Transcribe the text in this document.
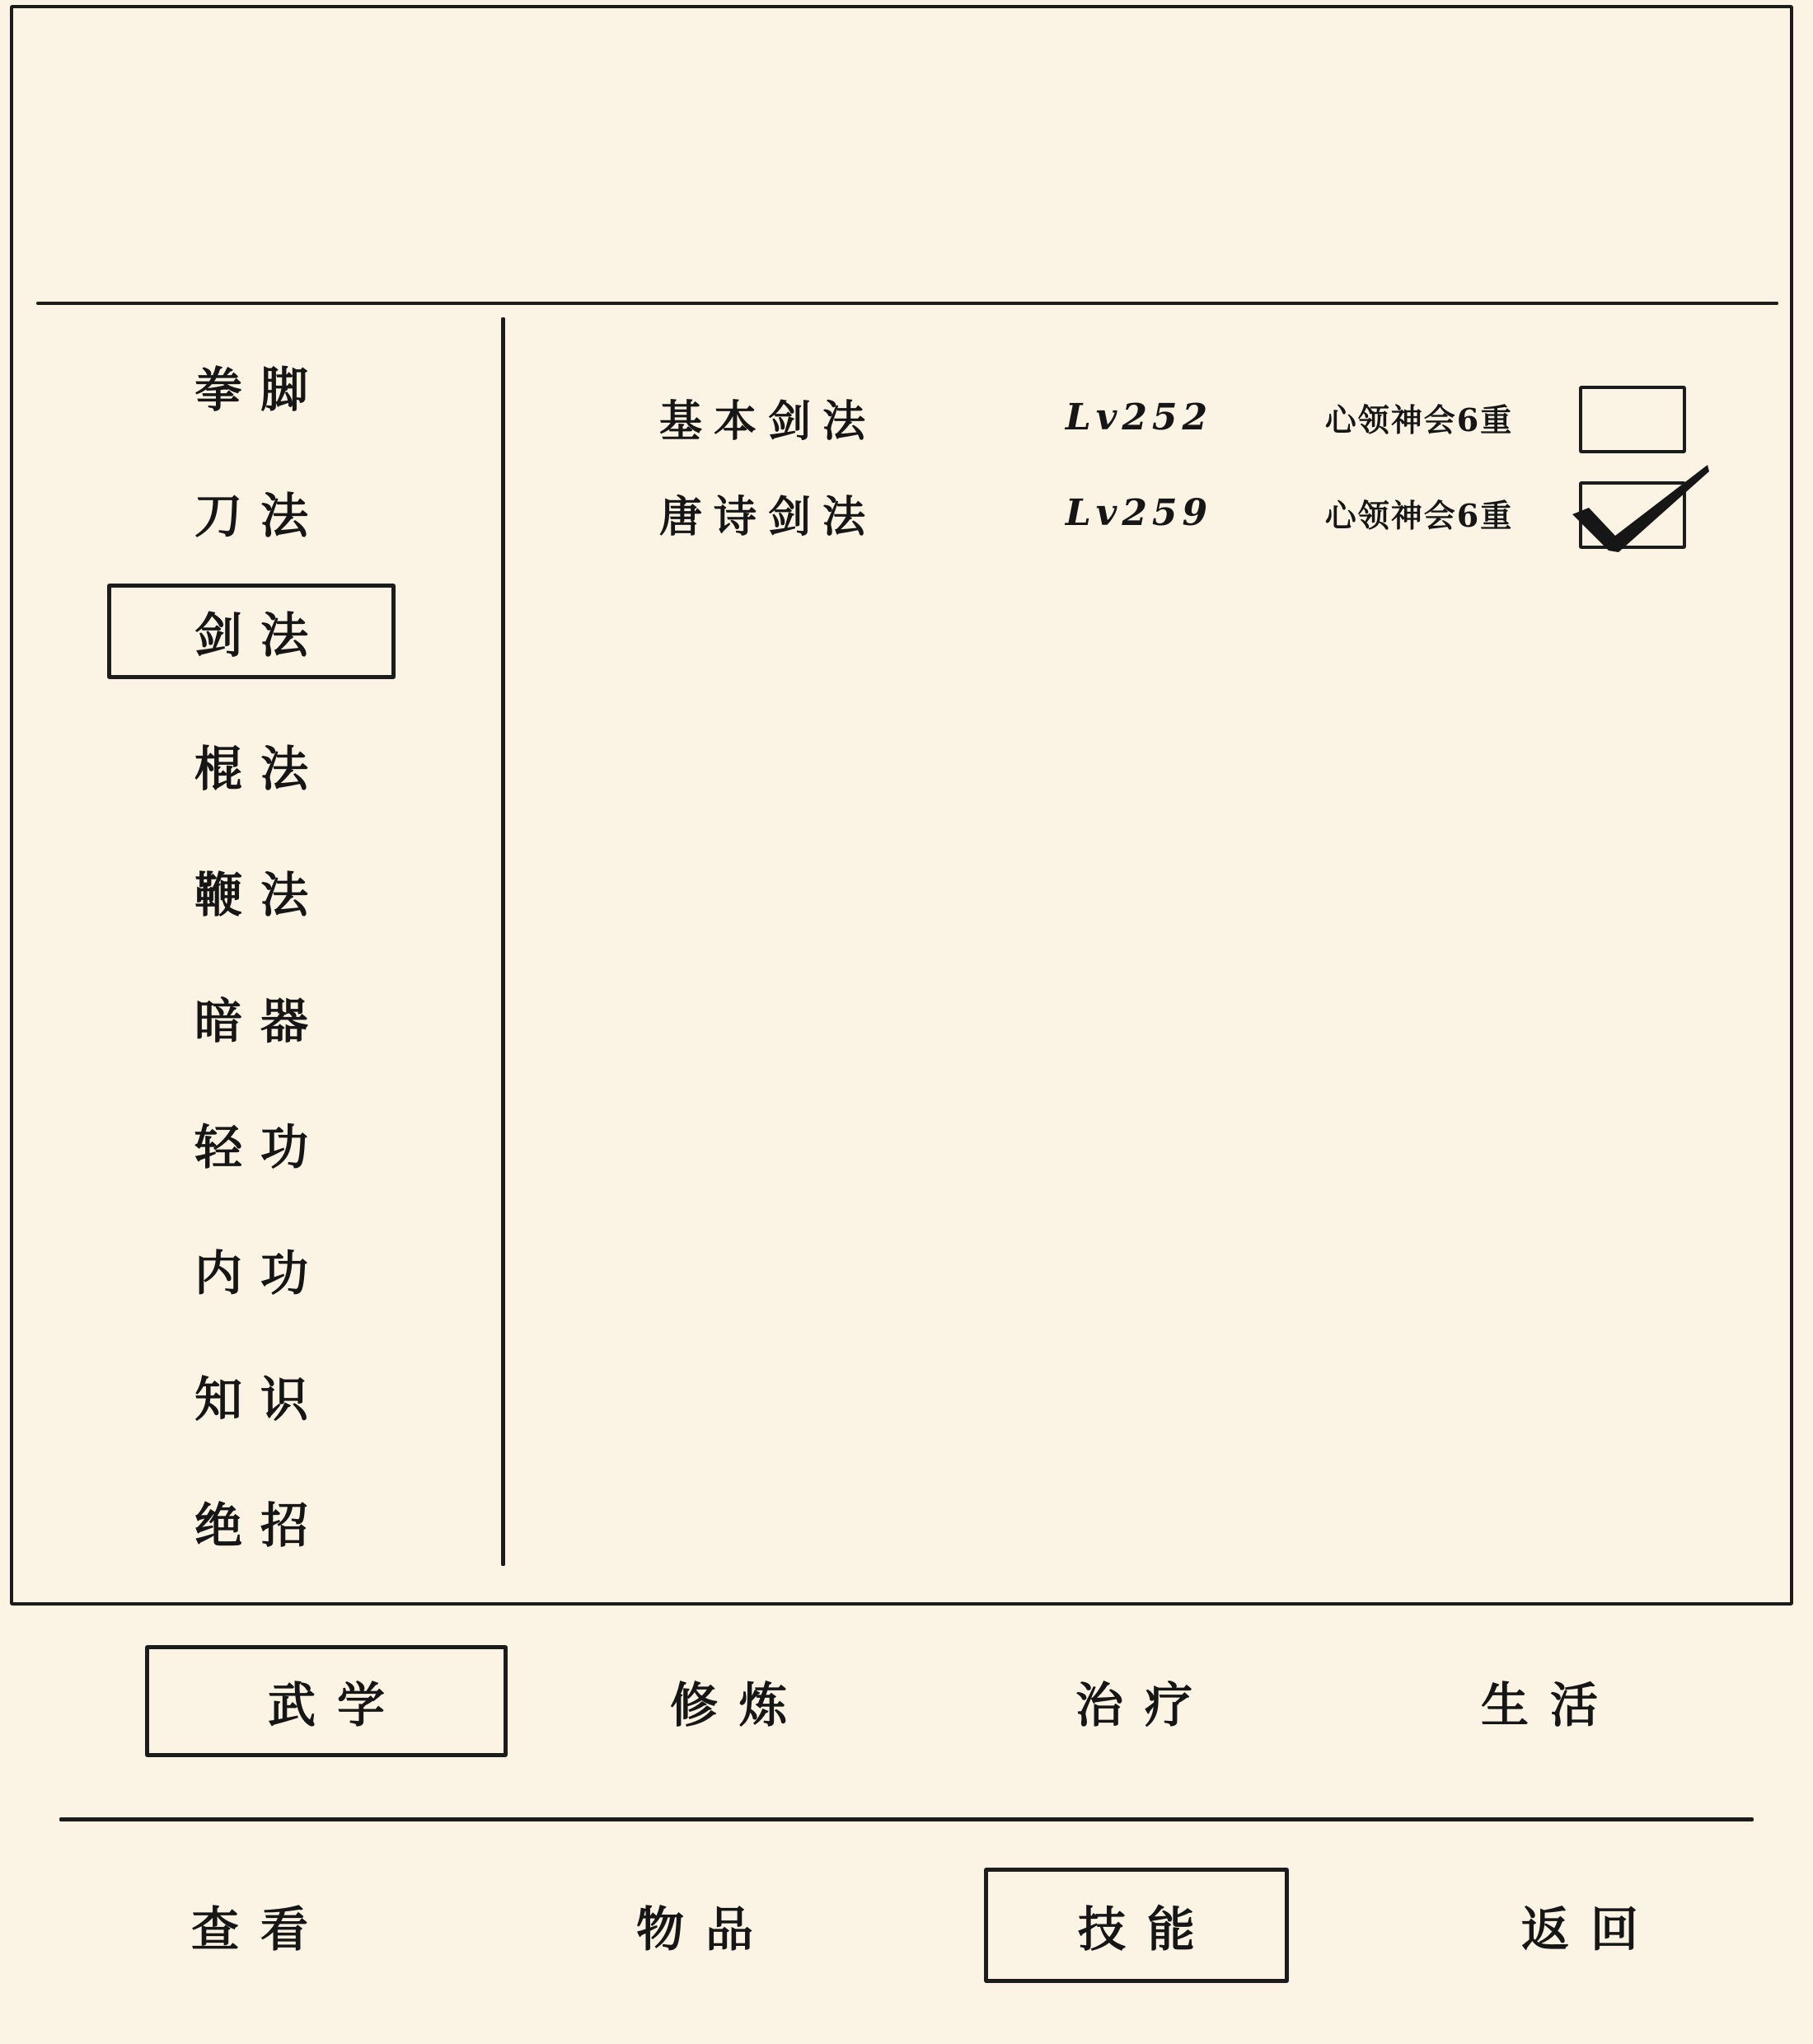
拳脚
刀法
剑法
棍法
鞭法
暗器
轻功
内功
知识
绝招
基本剑法	Lv252	心领神会6重
唐诗剑法	Lv259	心领神会6重
武学	修炼	治疗	生活
查看	物品	技能	返回
